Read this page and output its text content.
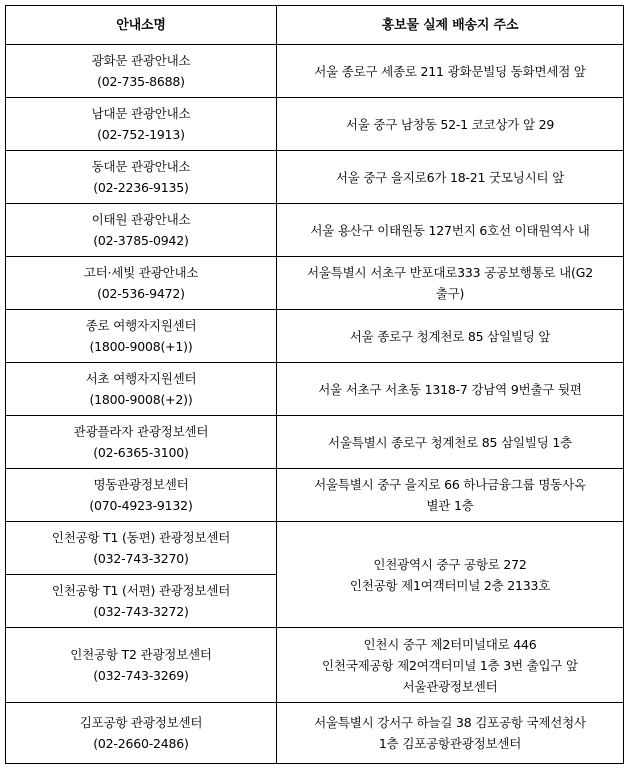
안내소명	홍보물 실제 배송지 주소

광화문 관광안내소
(02-735-8688)	서울 종로구 세종로 211 광화문빌딩 동화면세점 앞

남대문 관광안내소
(02-752-1913)	서울 중구 남창동 52-1 코코상가 앞 29

동대문 관광안내소
(02-2236-9135)	서울 중구 을지로6가 18-21 굿모닝시티 앞

이태원 관광안내소
(02-3785-0942)	서울 용산구 이태원동 127번지 6호선 이태원역사 내

고터·세빛 관광안내소
(02-536-9472)	서울특별시 서초구 반포대로333 공공보행통로 내(G2
출구)

종로 여행자지원센터
(1800-9008(+1))	서울 종로구 청계천로 85 삼일빌딩 앞

서초 여행자지원센터
(1800-9008(+2))	서울 서초구 서초동 1318-7 강남역 9번출구 뒷편

관광플라자 관광정보센터
(02-6365-3100)	서울특별시 종로구 청계천로 85 삼일빌딩 1층

명동관광정보센터
(070-4923-9132)	서울특별시 중구 을지로 66 하나금융그룹 명동사옥
별관 1층

인천공항 T1 (동편) 관광정보센터
(032-743-3270)	인천광역시 중구 공항로 272
인천공항 제1여객터미널 2층 2133호

인천공항 T1 (서편) 관광정보센터
(032-743-3272)	

인천공항 T2 관광정보센터
(032-743-3269)	인천시 중구 제2터미널대로 446
인천국제공항 제2여객터미널 1층 3번 출입구 앞
서울관광정보센터

김포공항 관광정보센터
(02-2660-2486)	서울특별시 강서구 하늘길 38 김포공항 국제선청사
1층 김포공항관광정보센터
